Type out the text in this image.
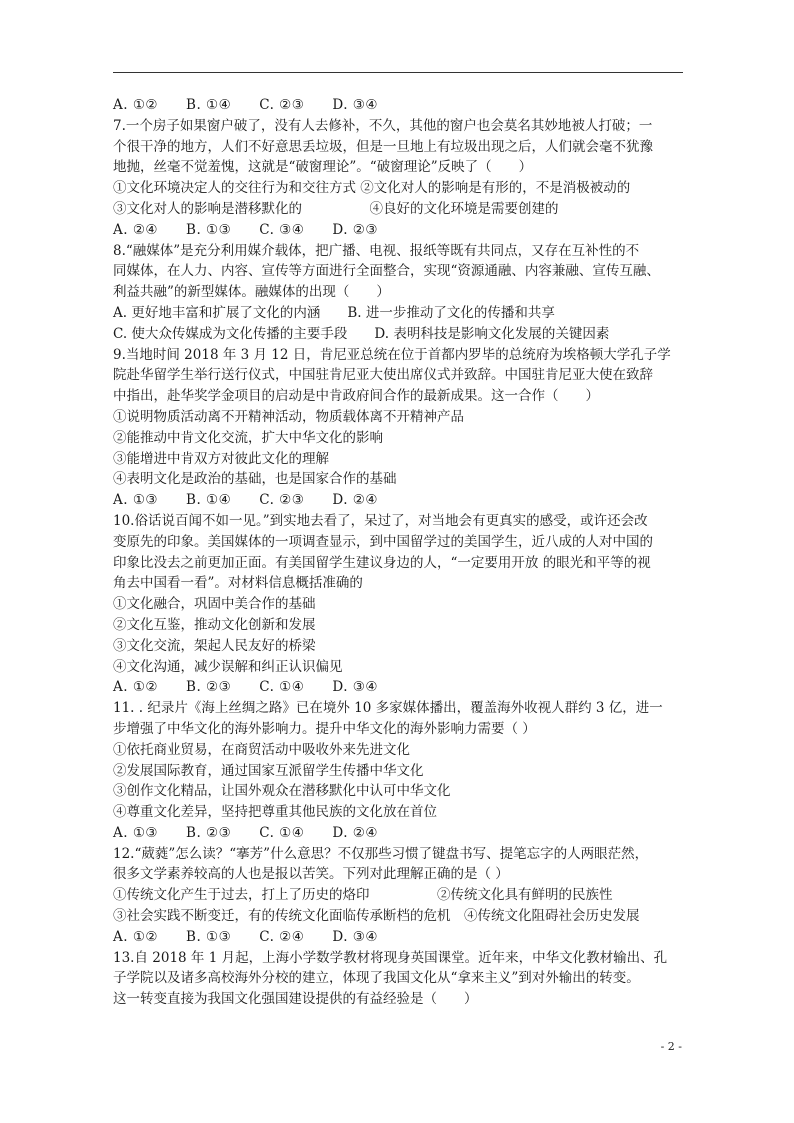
A. ①②　　B. ①④　　C. ②③　　D. ③④

7.一个房子如果窗户破了，没有人去修补，不久，其他的窗户也会莫名其妙地被人打破；一

个很干净的地方，人们不好意思丢垃圾，但是一旦地上有垃圾出现之后，人们就会毫不犹豫

地抛，丝毫不觉羞愧，这就是“破窗理论”。“破窗理论”反映了（　　）

①文化环境决定人的交往行为和交往方式 ②文化对人的影响是有形的，不是消极被动的

③文化对人的影响是潜移默化的　　　　　④良好的文化环境是需要创建的

A. ②④　　B. ①③　　C. ③④　　D. ②③

8.“融媒体”是充分利用媒介载体，把广播、电视、报纸等既有共同点，又存在互补性的不

同媒体，在人力、内容、宣传等方面进行全面整合，实现“资源通融、内容兼融、宣传互融、

利益共融”的新型媒体。融媒体的出现（　　）

A. 更好地丰富和扩展了文化的内涵　　B. 进一步推动了文化的传播和共享

C. 使大众传媒成为文化传播的主要手段　　D. 表明科技是影响文化发展的关键因素

9.当地时间 2018 年 3 月 12 日，肯尼亚总统在位于首都内罗毕的总统府为埃格顿大学孔子学

院赴华留学生举行送行仪式，中国驻肯尼亚大使出席仪式并致辞。中国驻肯尼亚大使在致辞

中指出，赴华奖学金项目的启动是中肯政府间合作的最新成果。这一合作（　　）

①说明物质活动离不开精神活动，物质载体离不开精神产品

②能推动中肯文化交流，扩大中华文化的影响

③能增进中肯双方对彼此文化的理解

④表明文化是政治的基础，也是国家合作的基础

A. ①③　　B. ①④　　C. ②③　　D. ②④

10.俗话说百闻不如一见。”到实地去看了，呆过了，对当地会有更真实的感受，或许还会改

变原先的印象。美国媒体的一项调查显示，到中国留学过的美国学生，近八成的人对中国的

印象比没去之前更加正面。有美国留学生建议身边的人，“一定要用开放 的眼光和平等的视

角去中国看一看”。对材料信息概括准确的

①文化融合，巩固中美合作的基础

②文化互鉴，推动文化创新和发展

③文化交流，架起人民友好的桥梁

④文化沟通，减少误解和纠正认识偏见

A. ①②　　B. ②③　　C. ①④　　D. ③④

11. . 纪录片《海上丝绸之路》已在境外 10 多家媒体播出，覆盖海外收视人群约 3 亿，进一

步增强了中华文化的海外影响力。提升中华文化的海外影响力需要（ ）

①依托商业贸易，在商贸活动中吸收外来先进文化

②发展国际教育，通过国家互派留学生传播中华文化

③创作文化精品，让国外观众在潜移默化中认可中华文化

④尊重文化差异，坚持把尊重其他民族的文化放在首位

A. ①③　　B. ②③　　C. ①④　　D. ②④

12.“葳蕤”怎么读？“搴芳”什么意思？不仅那些习惯了键盘书写、提笔忘字的人两眼茫然，

很多文学素养较高的人也是报以苦笑。下列对此理解正确的是（ ）

①传统文化产生于过去，打上了历史的烙印　　　　　②传统文化具有鲜明的民族性

③社会实践不断变迁，有的传统文化面临传承断档的危机　④传统文化阻碍社会历史发展

A. ①②　　B. ①③　　C. ②④　　D. ③④

13.自 2018 年 1 月起，上海小学数学教材将现身英国课堂。近年来，中华文化教材输出、孔

子学院以及诸多高校海外分校的建立，体现了我国文化从“拿来主义”到对外输出的转变。

这一转变直接为我国文化强国建设提供的有益经验是（　　）

- 2 -
